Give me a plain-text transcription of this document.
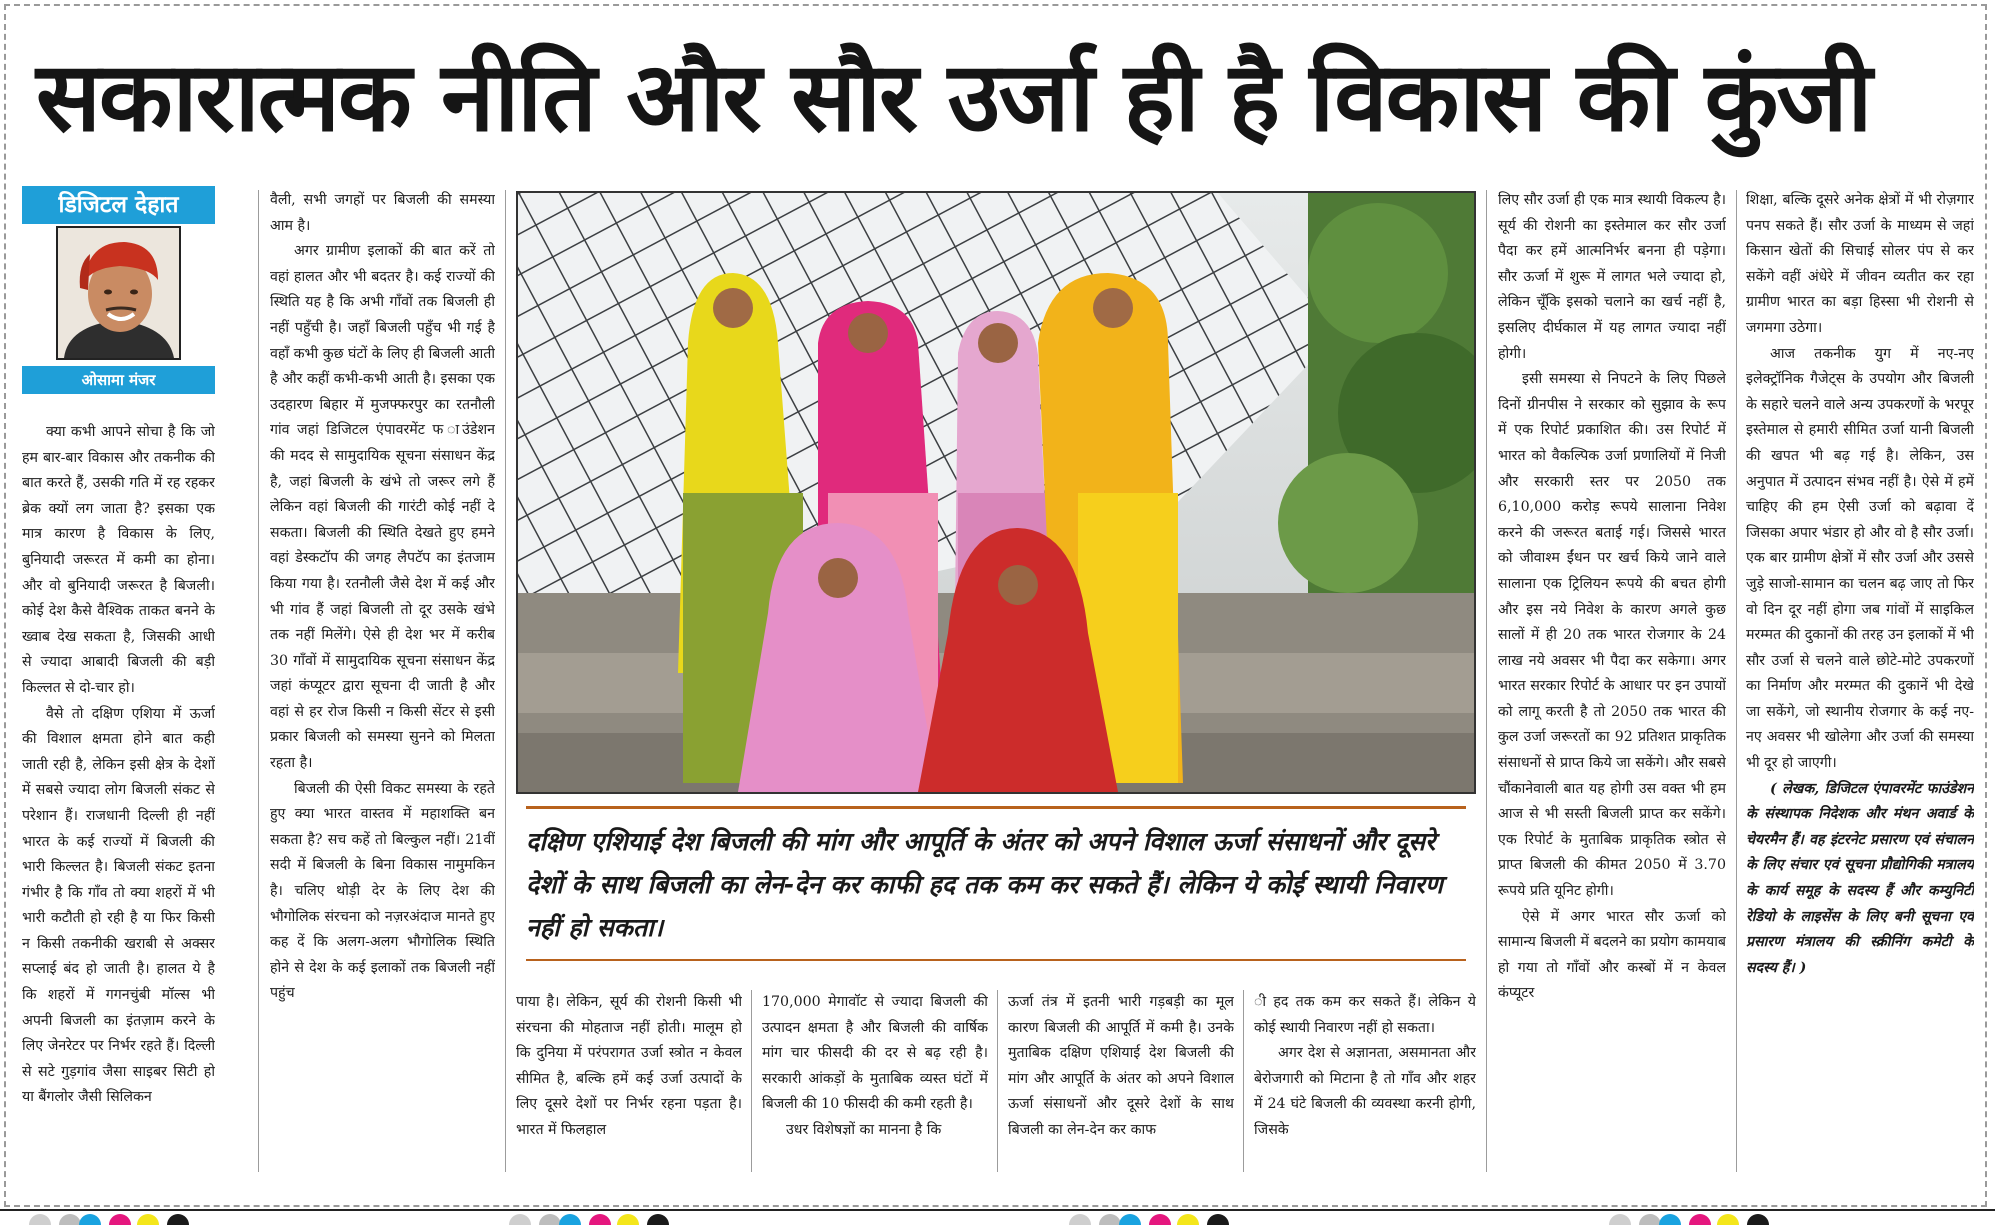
सकारात्मक नीति और सौर उर्जा ही है विकास की कुंजी
डिजिटल देहात
ओसामा मंजर

क्या कभी आपने सोचा है कि जो हम बार-बार विकास और तकनीक की बात करते हैं, उसकी गति में रह रहकर ब्रेक क्यों लग जाता है? इसका एक मात्र कारण है विकास के लिए, बुनियादी जरूरत में कमी का होना। और वो बुनियादी जरूरत है बिजली। कोई देश कैसे वैश्विक ताकत बनने के ख्वाब देख सकता है, जिसकी आधी से ज्यादा आबादी बिजली की बड़ी किल्लत से दो-चार हो।

वैसे तो दक्षिण एशिया में ऊर्जा की विशाल क्षमता होने बात कही जाती रही है, लेकिन इसी क्षेत्र के देशों में सबसे ज्यादा लोग बिजली संकट से परेशान हैं। राजधानी दिल्ली ही नहीं भारत के कई राज्यों में बिजली की भारी किल्लत है। बिजली संकट इतना गंभीर है कि गाँव तो क्या शहरों में भी भारी कटौती हो रही है या फिर किसी न किसी तकनीकी खराबी से अक्सर सप्लाई बंद हो जाती है। हालत ये है कि शहरों में गगनचुंबी मॉल्स भी अपनी बिजली का इंतज़ाम करने के लिए जेनरेटर पर निर्भर रहते हैं। दिल्ली से सटे गुड़गांव जैसा साइबर सिटी हो या बैंगलोर जैसी सिलिकन

वैली, सभी जगहों पर बिजली की समस्या आम है।

अगर ग्रामीण इलाकों की बात करें तो वहां हालत और भी बदतर है। कई राज्यों की स्थिति यह है कि अभी गाँवों तक बिजली ही नहीं पहुँची है। जहाँ बिजली पहुँच भी गई है वहाँ कभी कुछ घंटों के लिए ही बिजली आती है और कहीं कभी-कभी आती है। इसका एक उदहारण बिहार में मुजफ्फरपुर का रतनौली गांव जहां डिजिटल एंपावरमेंट फ ाउंडेशन की मदद से सामुदायिक सूचना संसाधन केंद्र है, जहां बिजली के खंभे तो जरूर लगे हैं लेकिन वहां बिजली की गारंटी कोई नहीं दे सकता। बिजली की स्थिति देखते हुए हमने वहां डेस्कटॉप की जगह लैपटॅप का इंतजाम किया गया है। रतनौली जैसे देश में कई और भी गांव हैं जहां बिजली तो दूर उसके खंभे तक नहीं मिलेंगे। ऐसे ही देश भर में करीब 30 गाँवों में सामुदायिक सूचना संसाधन केंद्र जहां कंप्यूटर द्वारा सूचना दी जाती है और वहां से हर रोज किसी न किसी सेंटर से इसी प्रकार बिजली को समस्या सुनने को मिलता रहता है।

बिजली की ऐसी विकट समस्या के रहते हुए क्या भारत वास्तव में महाशक्ति बन सकता है? सच कहें तो बिल्कुल नहीं। 21वीं सदी में बिजली के बिना विकास नामुमकिन है। चलिए थोड़ी देर के लिए देश की भौगोलिक संरचना को नज़रअंदाज मानते हुए कह दें कि अलग-अलग भौगोलिक स्थिति होने से देश के कई इलाकों तक बिजली नहीं पहुंच

दक्षिण एशियाई देश बिजली की मांग और आपूर्ति के अंतर को अपने विशाल ऊर्जा संसाधनों और दूसरे देशों के साथ बिजली का लेन-देन कर काफी हद तक कम कर सकते हैं। लेकिन ये कोई स्थायी निवारण नहीं हो सकता।

पाया है। लेकिन, सूर्य की रोशनी किसी भी संरचना की मोहताज नहीं होती। मालूम हो कि दुनिया में परंपरागत उर्जा स्त्रोत न केवल सीमित है, बल्कि हमें कई उर्जा उत्पादों के लिए दूसरे देशों पर निर्भर रहना पड़ता है। भारत में फिलहाल

170,000 मेगावॉट से ज्यादा बिजली की उत्पादन क्षमता है और बिजली की वार्षिक मांग चार फीसदी की दर से बढ़ रही है। सरकारी आंकड़ों के मुताबिक व्यस्त घंटों में बिजली की 10 फीसदी की कमी रहती है।

उधर विशेषज्ञों का मानना है कि

ऊर्जा तंत्र में इतनी भारी गड़बड़ी का मूल कारण बिजली की आपूर्ति में कमी है। उनके मुताबिक दक्षिण एशियाई देश बिजली की मांग और आपूर्ति के अंतर को अपने विशाल ऊर्जा संसाधनों और दूसरे देशों के साथ बिजली का लेन-देन कर काफ

ी हद तक कम कर सकते हैं। लेकिन ये कोई स्थायी निवारण नहीं हो सकता।

अगर देश से अज्ञानता, असमानता और बेरोजगारी को मिटाना है तो गाँव और शहर में 24 घंटे बिजली की व्यवस्था करनी होगी, जिसके

लिए सौर उर्जा ही एक मात्र स्थायी विकल्प है। सूर्य की रोशनी का इस्तेमाल कर सौर उर्जा पैदा कर हमें आत्मनिर्भर बनना ही पड़ेगा। सौर ऊर्जा में शुरू में लागत भले ज्यादा हो, लेकिन चूँकि इसको चलाने का खर्च नहीं है, इसलिए दीर्घकाल में यह लागत ज्यादा नहीं होगी।

इसी समस्या से निपटने के लिए पिछले दिनों ग्रीनपीस ने सरकार को सुझाव के रूप में एक रिपोर्ट प्रकाशित की। उस रिपोर्ट में भारत को वैकल्पिक उर्जा प्रणालियों में निजी और सरकारी स्तर पर 2050 तक 6,10,000 करोड़ रूपये सालाना निवेश करने की जरूरत बताई गई। जिससे भारत को जीवाश्म ईंधन पर खर्च किये जाने वाले सालाना एक ट्रिलियन रूपये की बचत होगी और इस नये निवेश के कारण अगले कुछ सालों में ही 20 तक भारत रोजगार के 24 लाख नये अवसर भी पैदा कर सकेगा। अगर भारत सरकार रिपोर्ट के आधार पर इन उपायों को लागू करती है तो 2050 तक भारत की कुल उर्जा जरूरतों का 92 प्रतिशत प्राकृतिक संसाधनों से प्राप्त किये जा सकेंगे। और सबसे चौंकानेवाली बात यह होगी उस वक्त भी हम आज से भी सस्ती बिजली प्राप्त कर सकेंगे। एक रिपोर्ट के मुताबिक प्राकृतिक स्त्रोत से प्राप्त बिजली की कीमत 2050 में 3.70 रूपये प्रति यूनिट होगी।

ऐसे में अगर भारत सौर ऊर्जा को सामान्य बिजली में बदलने का प्रयोग कामयाब हो गया तो गाँवों और कस्बों में न केवल कंप्यूटर

शिक्षा, बल्कि दूसरे अनेक क्षेत्रों में भी रोज़गार पनप सकते हैं। सौर उर्जा के माध्यम से जहां किसान खेतों की सिचाई सोलर पंप से कर सकेंगे वहीं अंधेरे में जीवन व्यतीत कर रहा ग्रामीण भारत का बड़ा हिस्सा भी रोशनी से जगमगा उठेगा।

आज तकनीक युग में नए-नए इलेक्ट्रॉनिक गैजेट्स के उपयोग और बिजली के सहारे चलने वाले अन्य उपकरणों के भरपूर इस्तेमाल से हमारी सीमित उर्जा यानी बिजली की खपत भी बढ़ गई है। लेकिन, उस अनुपात में उत्पादन संभव नहीं है। ऐसे में हमें चाहिए की हम ऐसी उर्जा को बढ़ावा दें जिसका अपार भंडार हो और वो है सौर उर्जा। एक बार ग्रामीण क्षेत्रों में सौर उर्जा और उससे जुड़े साजो-सामान का चलन बढ़ जाए तो फिर वो दिन दूर नहीं होगा जब गांवों में साइकिल मरम्मत की दुकानों की तरह उन इलाकों में भी सौर उर्जा से चलने वाले छोटे-मोटे उपकरणों का निर्माण और मरम्मत की दुकानें भी देखे जा सकेंगे, जो स्थानीय रोजगार के कई नए-नए अवसर भी खोलेगा और उर्जा की समस्या भी दूर हो जाएगी।

( लेखक, डिजिटल एंपावरमेंट फाउंडेशन के संस्थापक निदेशक और मंथन अवार्ड के चेयरमैन हैं। वह इंटरनेट प्रसारण एवं संचालन के लिए संचार एवं सूचना प्रौद्योगिकी मत्रालय के कार्य समूह के सदस्य हैं और कम्युनिटी रेडियो के लाइसेंस के लिए बनी सूचना एवं प्रसारण मंत्रालय की स्क्रीनिंग कमेटी के सदस्य हैं। )
